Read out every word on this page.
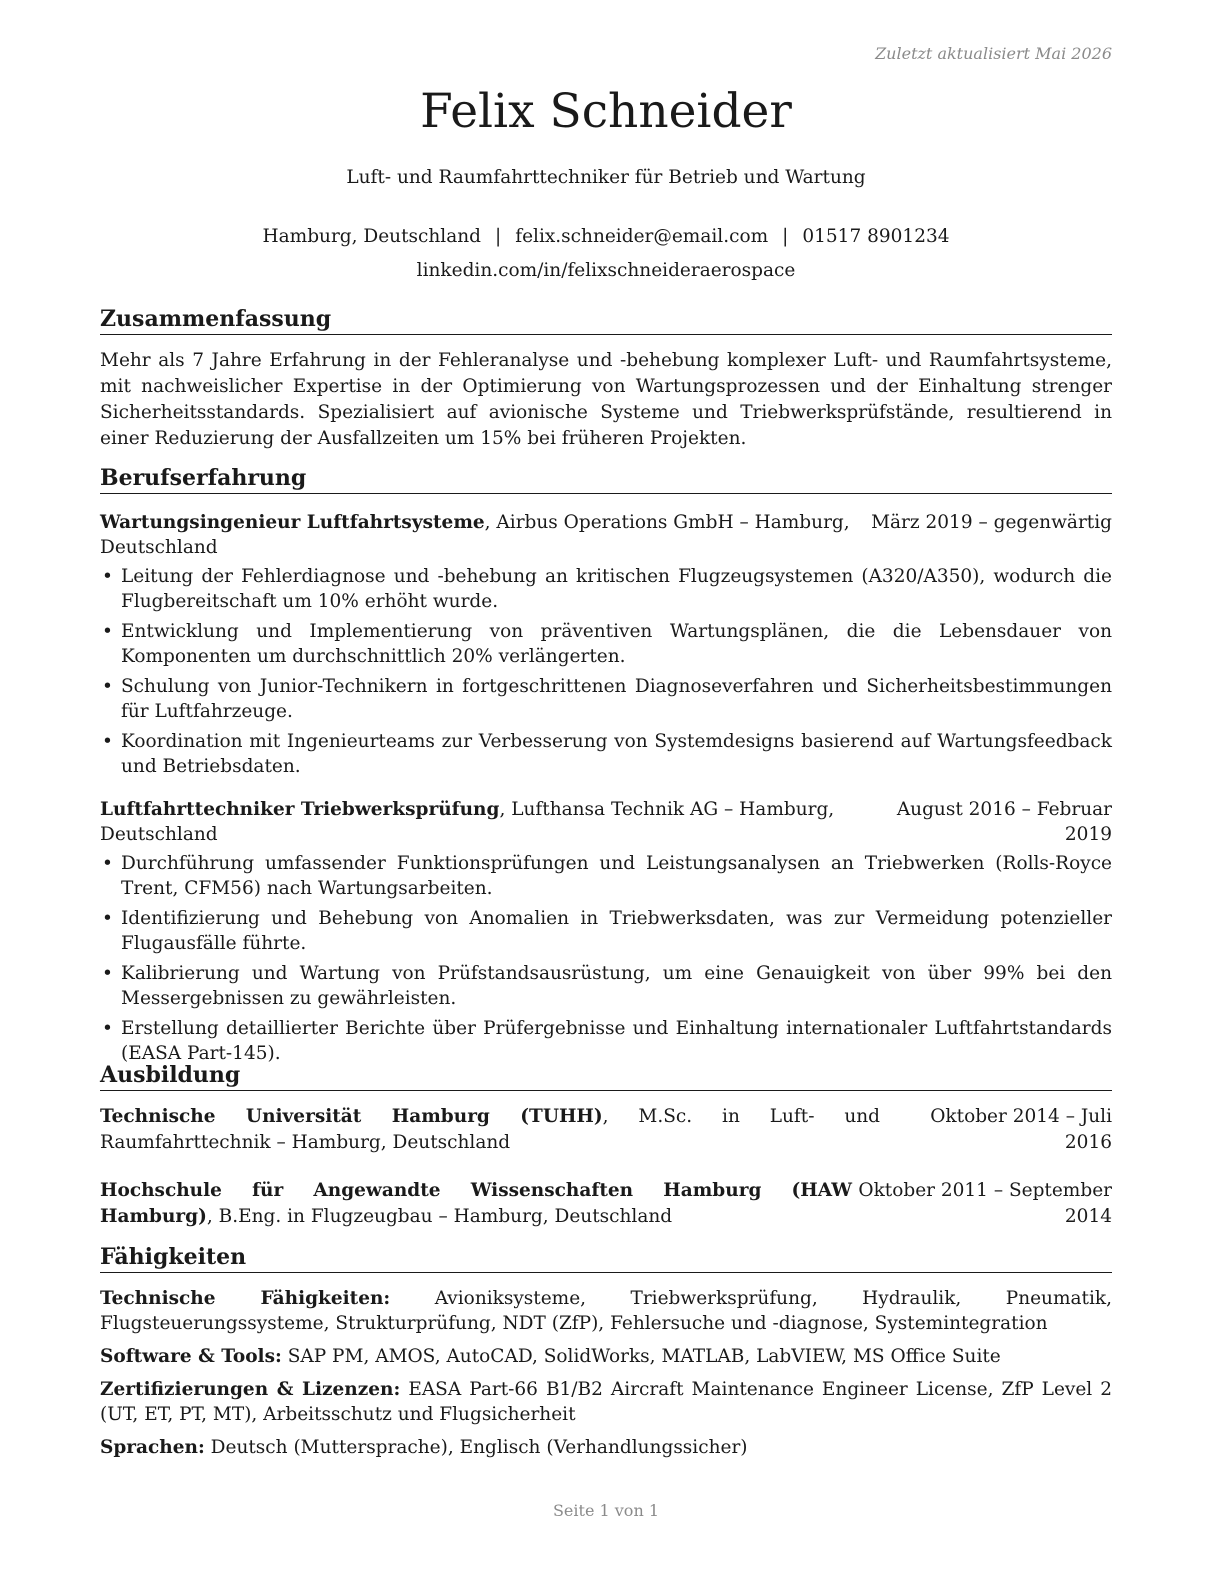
Zuletzt aktualisiert Mai 2026
Felix Schneider
Luft- und Raumfahrttechniker für Betrieb und Wartung
Hamburg, Deutschland | felix.schneider@email.com | 01517 8901234
linkedin.com/in/felixschneideraerospace
Zusammenfassung

Mehr als 7 Jahre Erfahrung in der Fehleranalyse und -behebung komplexer Luft- und Raumfahrtsysteme, mit nachweislicher Expertise in der Optimierung von Wartungsprozessen und der Einhaltung strenger Sicherheitsstandards. Spezialisiert auf avionische Systeme und Triebwerksprüfstände, resultierend in einer Reduzierung der Ausfallzeiten um 15% bei früheren Projekten.

Berufserfahrung
Wartungsingenieur Luftfahrtsysteme, Airbus Operations GmbH – Hamburg, Deutschland
März 2019 – gegenwärtig
• Leitung der Fehlerdiagnose und -behebung an kritischen Flugzeugsystemen (A320/A350), wodurch die Flugbereitschaft um 10% erhöht wurde.
• Entwicklung und Implementierung von präventiven Wartungsplänen, die die Lebensdauer von Komponenten um durchschnittlich 20% verlängerten.
• Schulung von Junior-Technikern in fortgeschrittenen Diagnoseverfahren und Sicherheitsbestimmungen für Luftfahrzeuge.
• Koordination mit Ingenieurteams zur Verbesserung von Systemdesigns basierend auf Wartungsfeedback und Betriebsdaten.
Luftfahrttechniker Triebwerksprüfung, Lufthansa Technik AG – Hamburg, Deutschland
August 2016 – Februar 2019
• Durchführung umfassender Funktionsprüfungen und Leistungsanalysen an Triebwerken (Rolls-Royce Trent, CFM56) nach Wartungsarbeiten.
• Identifizierung und Behebung von Anomalien in Triebwerksdaten, was zur Vermeidung potenzieller Flugausfälle führte.
• Kalibrierung und Wartung von Prüfstandsausrüstung, um eine Genauigkeit von über 99% bei den Messergebnissen zu gewährleisten.
• Erstellung detaillierter Berichte über Prüfergebnisse und Einhaltung internationaler Luftfahrtstandards (EASA Part-145).
Ausbildung
Technische Universität Hamburg (TUHH), M.Sc. in Luft- und Raumfahrttechnik – Hamburg, Deutschland
Oktober 2014 – Juli 2016
Hochschule für Angewandte Wissenschaften Hamburg (HAW Hamburg), B.Eng. in Flugzeugbau – Hamburg, Deutschland
Oktober 2011 – September 2014
Fähigkeiten
Technische Fähigkeiten: Avioniksysteme, Triebwerksprüfung, Hydraulik, Pneumatik, Flugsteuerungssysteme, Strukturprüfung, NDT (ZfP), Fehlersuche und -diagnose, Systemintegration
Software & Tools: SAP PM, AMOS, AutoCAD, SolidWorks, MATLAB, LabVIEW, MS Office Suite
Zertifizierungen & Lizenzen: EASA Part-66 B1/B2 Aircraft Maintenance Engineer License, ZfP Level 2 (UT, ET, PT, MT), Arbeitsschutz und Flugsicherheit
Sprachen: Deutsch (Muttersprache), Englisch (Verhandlungssicher)
Seite 1 von 1
